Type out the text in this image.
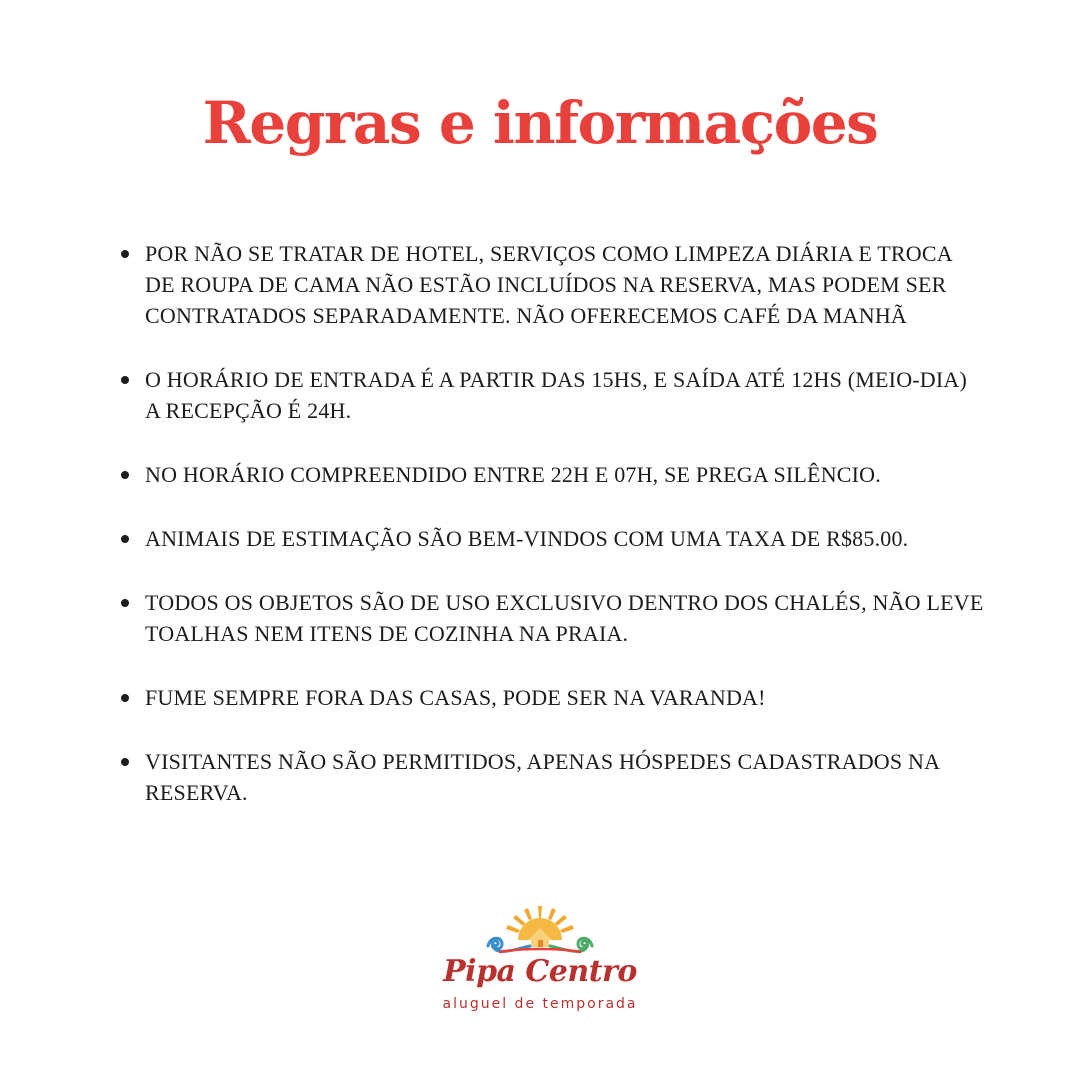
Regras e informações
POR NÃO SE TRATAR DE HOTEL, SERVIÇOS COMO LIMPEZA DIÁRIA E TROCA DE ROUPA DE CAMA NÃO ESTÃO INCLUÍDOS NA RESERVA, MAS PODEM SER CONTRATADOS SEPARADAMENTE. NÃO OFERECEMOS CAFÉ DA MANHÃ
O HORÁRIO DE ENTRADA É A PARTIR DAS 15HS, E SAÍDA ATÉ 12HS (MEIO-DIA) A RECEPÇÃO É 24H.
NO HORÁRIO COMPREENDIDO ENTRE 22H E 07H, SE PREGA SILÊNCIO.
ANIMAIS DE ESTIMAÇÃO SÃO BEM-VINDOS COM UMA TAXA DE R$85.00.
TODOS OS OBJETOS SÃO DE USO EXCLUSIVO DENTRO DOS CHALÉS, NÃO LEVE TOALHAS NEM ITENS DE COZINHA NA PRAIA.
FUME SEMPRE FORA DAS CASAS, PODE SER NA VARANDA!
VISITANTES NÃO SÃO PERMITIDOS, APENAS HÓSPEDES CADASTRADOS NA RESERVA.
Pipa Centro
aluguel de temporada
